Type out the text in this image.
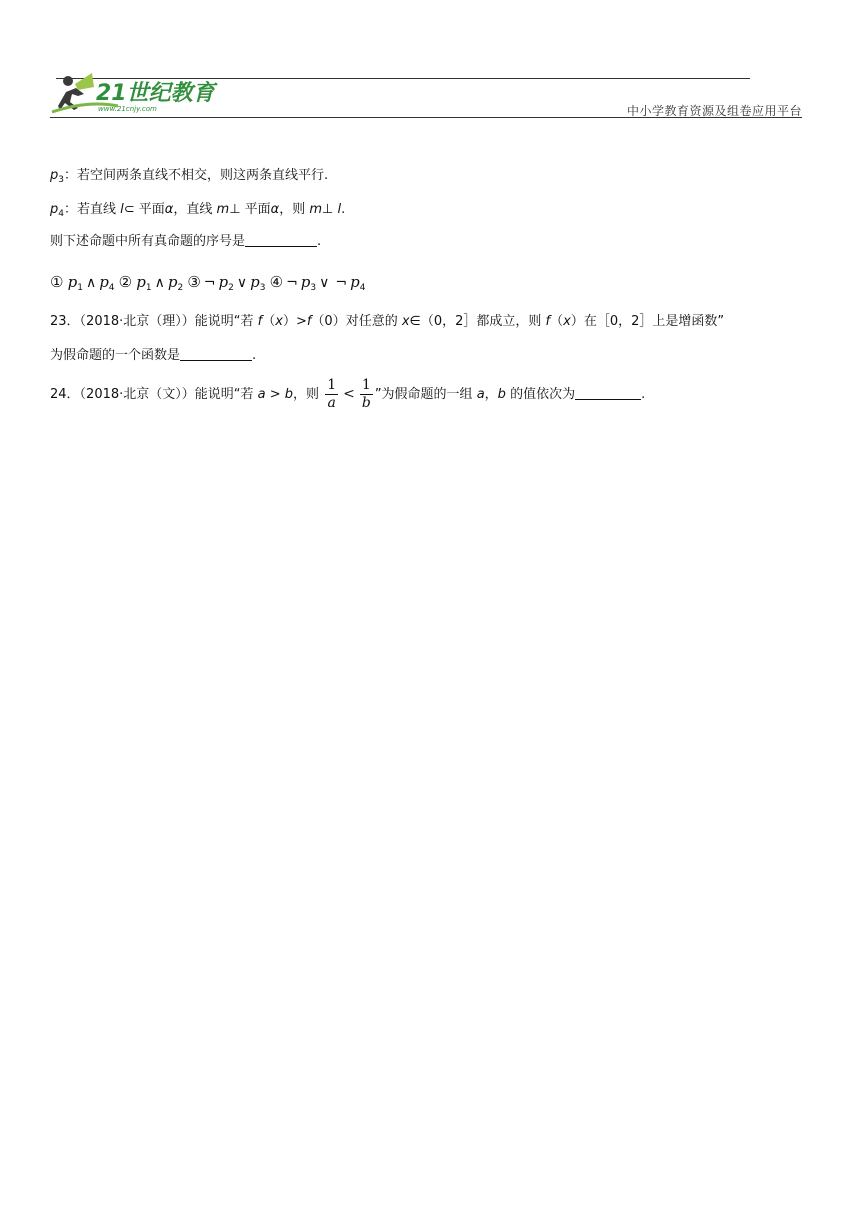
21世纪教育
www.21cnjy.com	中小学教育资源及组卷应用平台
$p_3$：若空间两条直线不相交，则这两条直线平行.
$p_4$：若直线 l⊂ 平面α，直线 m⊥ 平面α，则 m⊥ l.
则下述命题中所有真命题的序号是	.
① $p_1$ ∧ $p_4$ ② $p_1$ ∧ $p_2$ ③ ¬ $p_2$ ∨ $p_3$ ④ ¬ $p_3$ ∨ ¬ $p_4$
23．（2018·北京（理））能说明“若 f（x）>f（0）对任意的 x∈（0，2］都成立，则 f（x）在［0，2］上是增函数”
为假命题的一个函数是	.
24．（2018·北京（文））能说明“若 a > b，则 $\frac{1}{a} < \frac{1}{b}$ ”为假命题的一组 a，b 的值依次为	.
